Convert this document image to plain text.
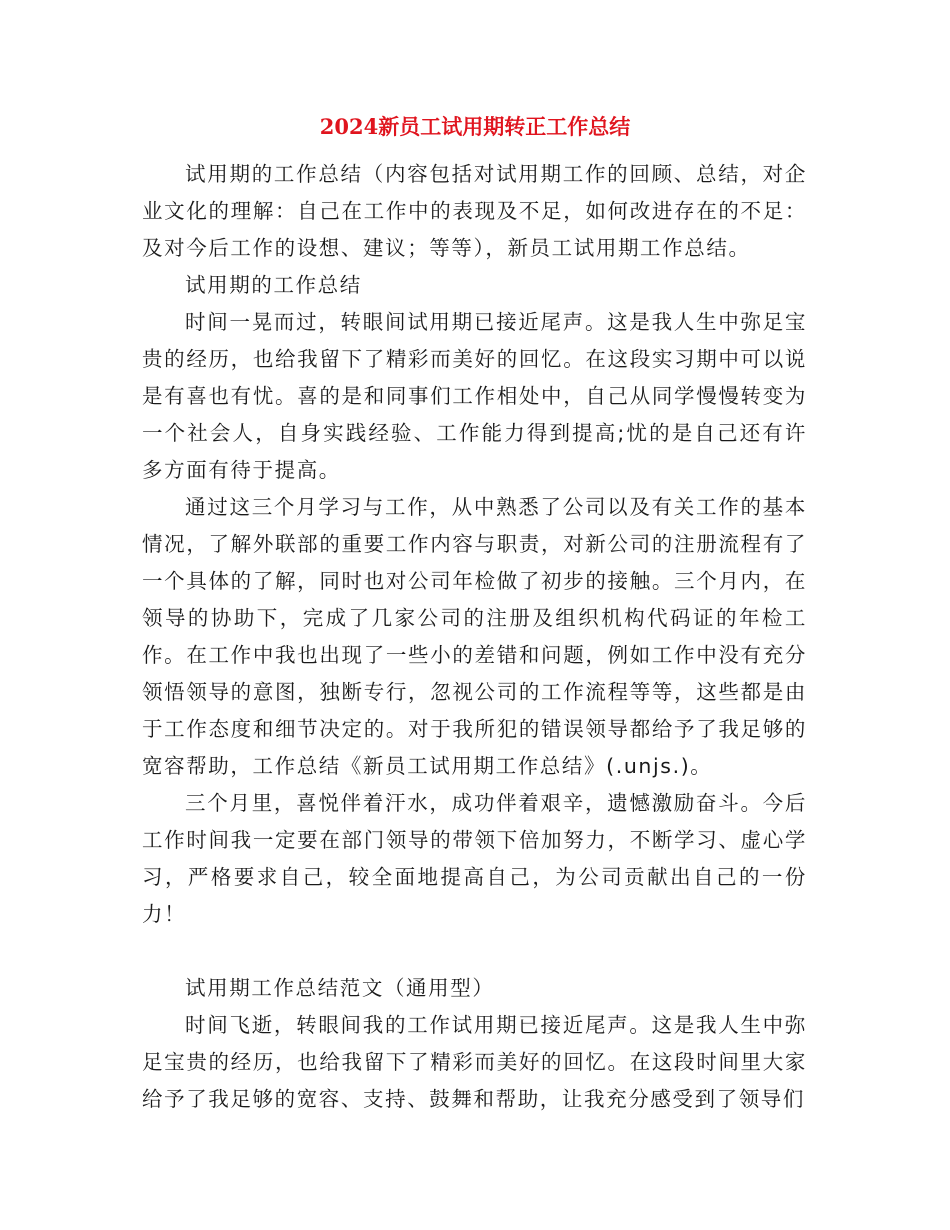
2024新员工试用期转正工作总结

试用期的工作总结（内容包括对试用期工作的回顾、总结，对企业文化的理解：自己在工作中的表现及不足，如何改进存在的不足：及对今后工作的设想、建议；等等），新员工试用期工作总结。

试用期的工作总结

时间一晃而过，转眼间试用期已接近尾声。这是我人生中弥足宝贵的经历，也给我留下了精彩而美好的回忆。在这段实习期中可以说是有喜也有忧。喜的是和同事们工作相处中，自己从同学慢慢转变为一个社会人，自身实践经验、工作能力得到提高;忧的是自己还有许多方面有待于提高。

通过这三个月学习与工作，从中熟悉了公司以及有关工作的基本情况，了解外联部的重要工作内容与职责，对新公司的注册流程有了一个具体的了解，同时也对公司年检做了初步的接触。三个月内，在领导的协助下，完成了几家公司的注册及组织机构代码证的年检工作。在工作中我也出现了一些小的差错和问题，例如工作中没有充分领悟领导的意图，独断专行，忽视公司的工作流程等等，这些都是由于工作态度和细节决定的。对于我所犯的错误领导都给予了我足够的宽容帮助，工作总结《新员工试用期工作总结》(.unjs.)。

三个月里，喜悦伴着汗水，成功伴着艰辛，遗憾激励奋斗。今后工作时间我一定要在部门领导的带领下倍加努力，不断学习、虚心学习，严格要求自己，较全面地提高自己，为公司贡献出自己的一份力！

试用期工作总结范文（通用型）

时间飞逝，转眼间我的工作试用期已接近尾声。这是我人生中弥足宝贵的经历，也给我留下了精彩而美好的回忆。在这段时间里大家给予了我足够的宽容、支持、鼓舞和帮助，让我充分感受到了领导们
